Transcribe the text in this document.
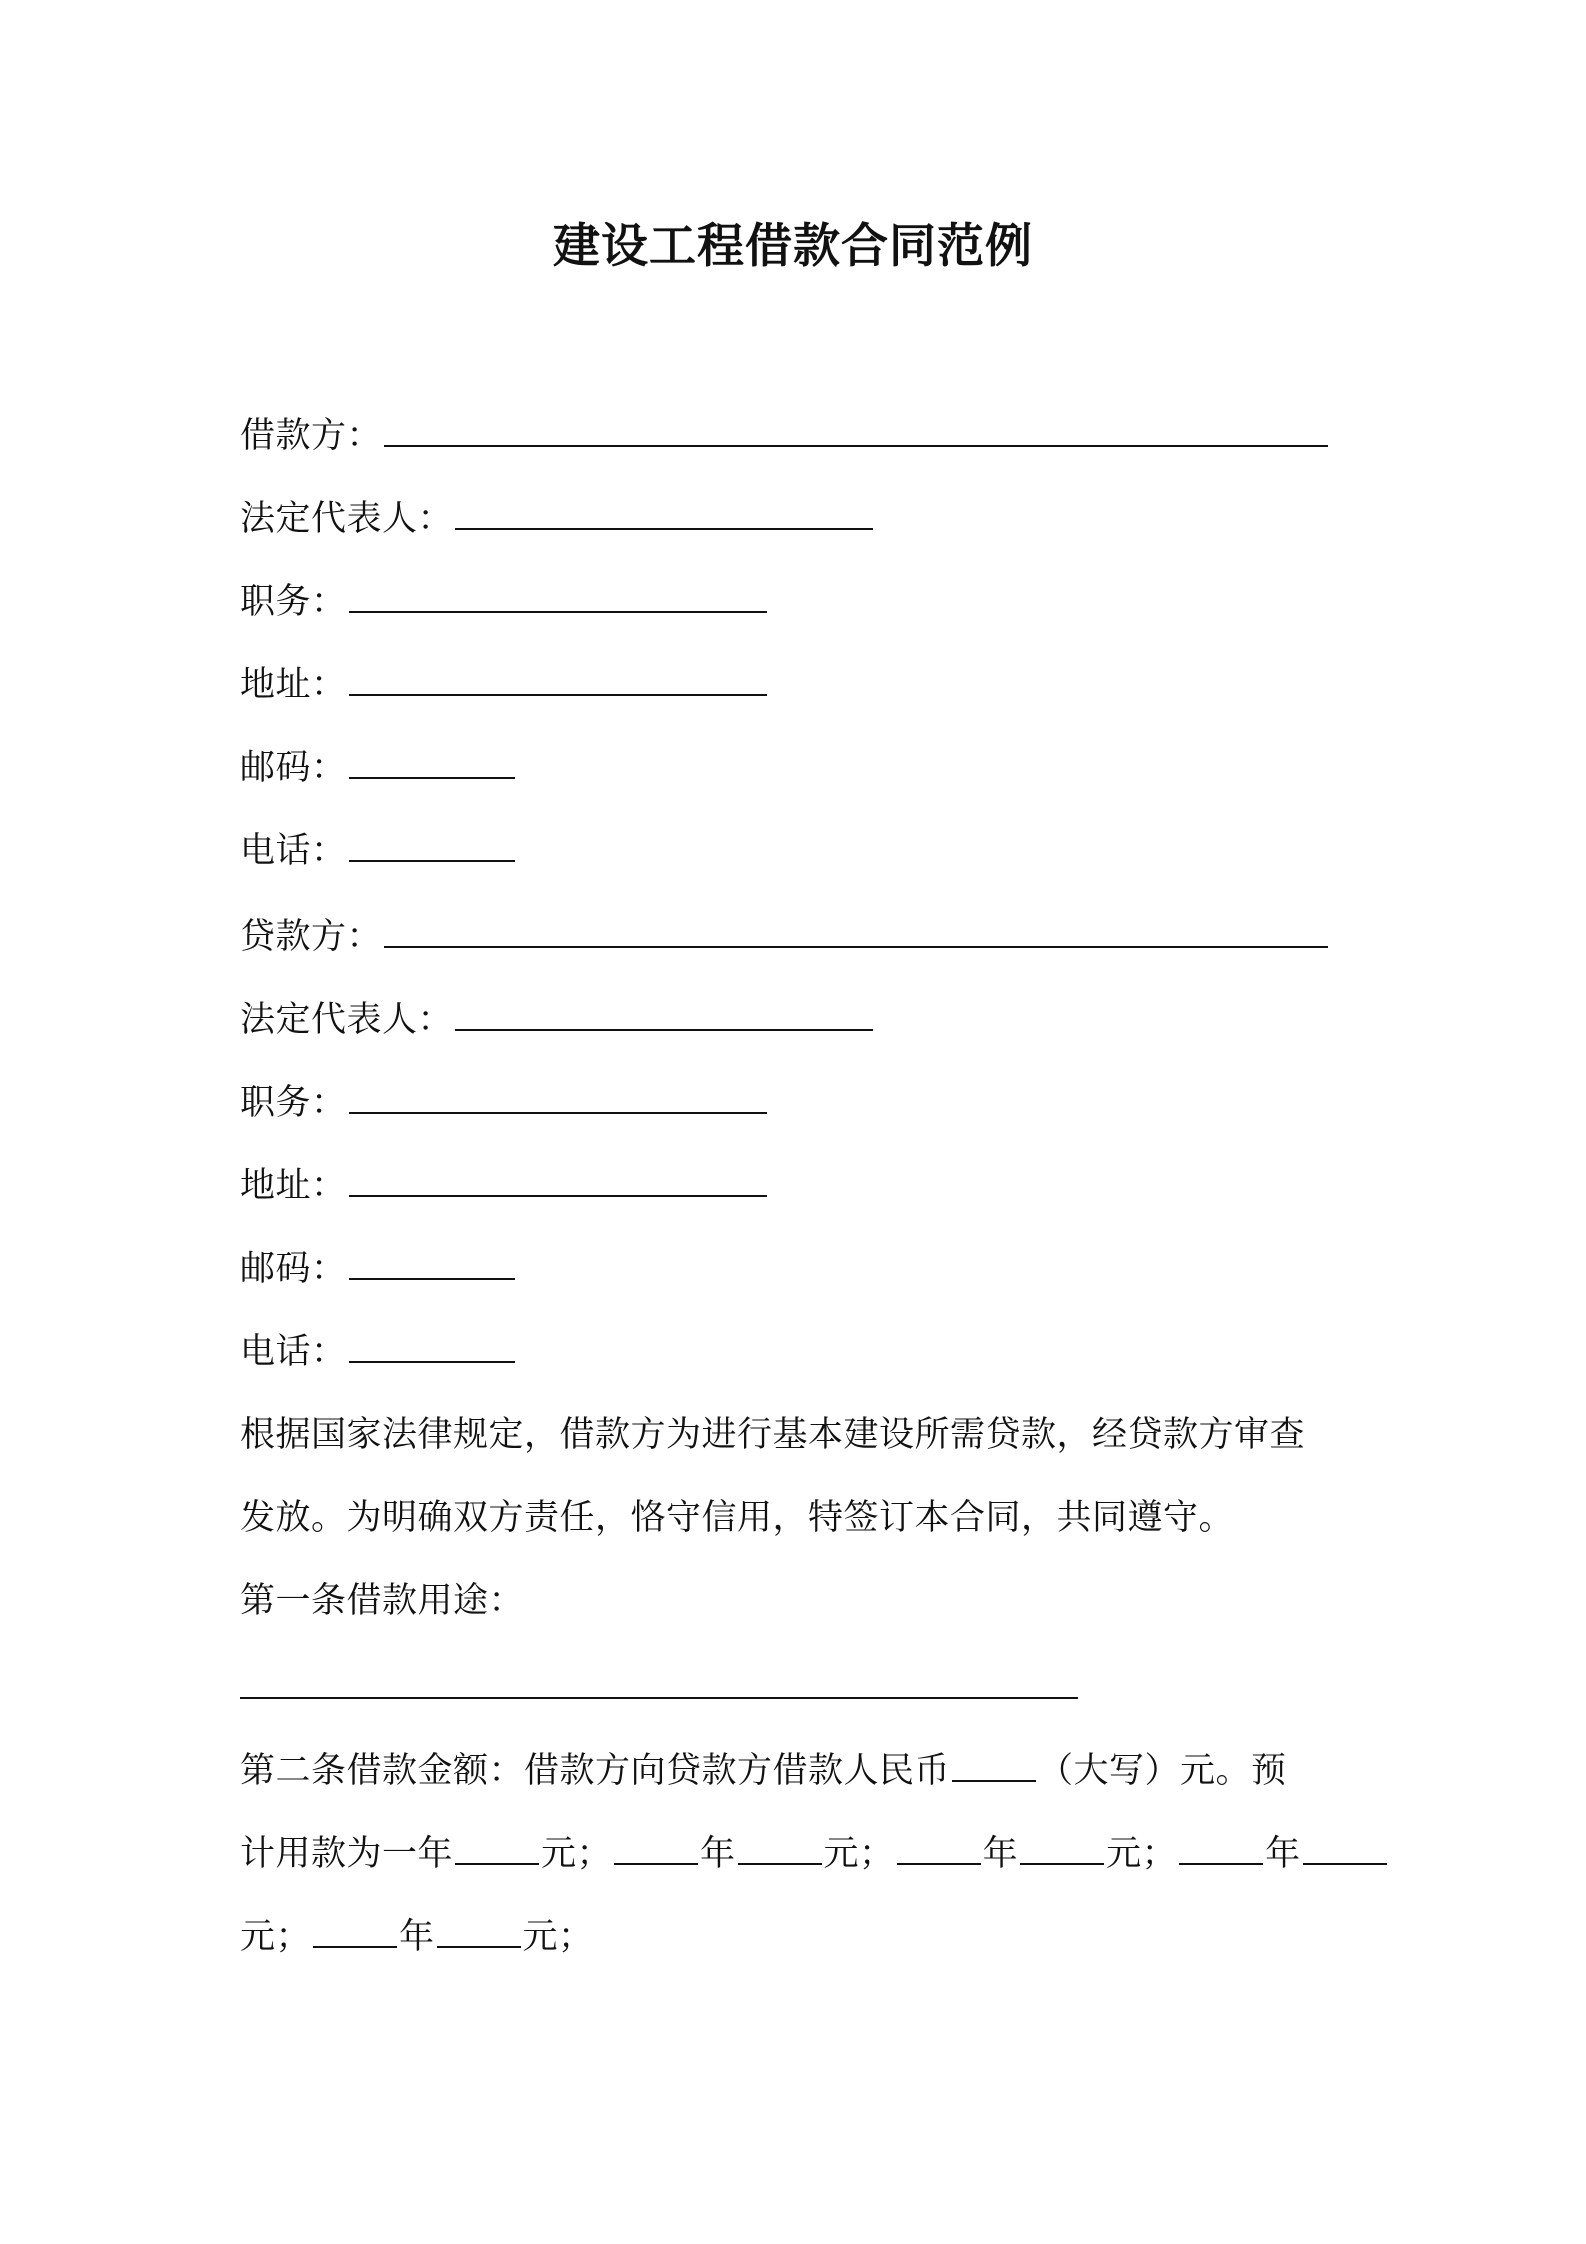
建设工程借款合同范例
借款方：
法定代表人：
职务：
地址：
邮码：
电话：
贷款方：
法定代表人：
职务：
地址：
邮码：
电话：
根据国家法律规定，借款方为进行基本建设所需贷款，经贷款方审查
发放。为明确双方责任，恪守信用，特签订本合同，共同遵守。
第一条借款用途：
第二条借款金额：借款方向贷款方借款人民币	（大写）元。预
计用款为一年	元；	年	元；	年	元；	年
元；	年	元；
